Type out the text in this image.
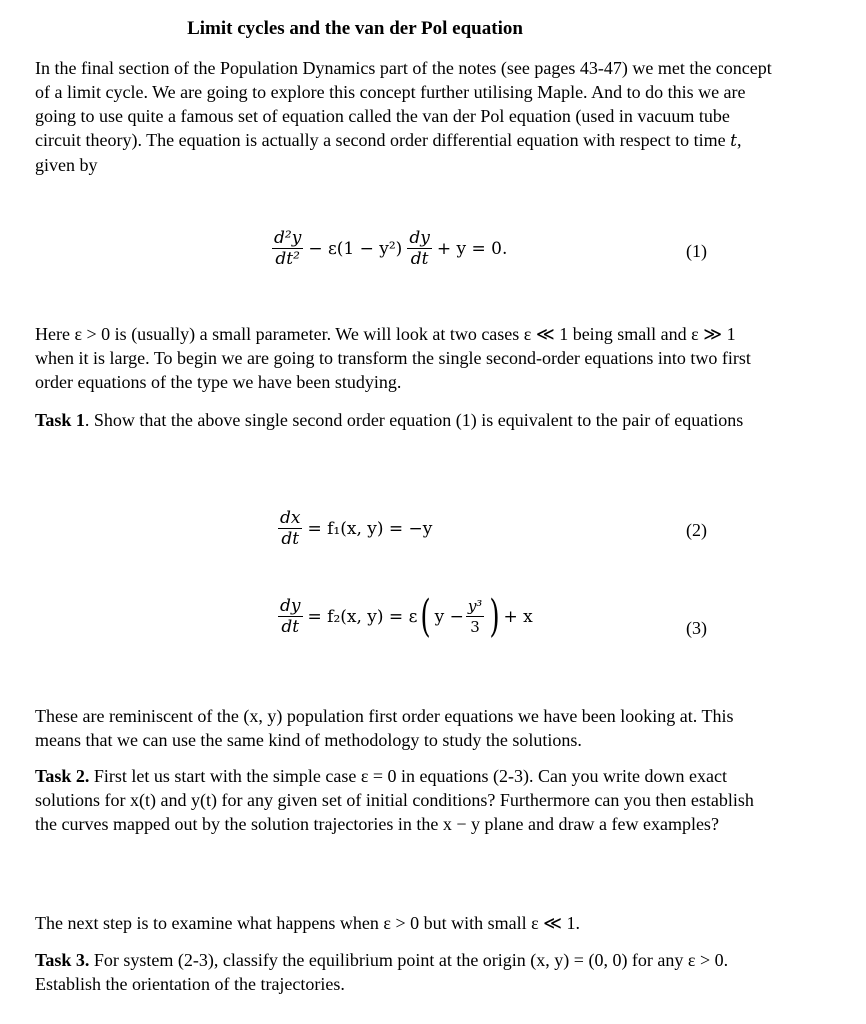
Limit cycles and the van der Pol equation

In the final section of the Population Dynamics part of the notes (see pages 43-47) we met the concept of a limit cycle. We are going to explore this concept further utilising Maple. And to do this we are going to use quite a famous set of equation called the van der Pol equation (used in vacuum tube circuit theory). The equation is actually a second order differential equation with respect to time t, given by

$\frac{\text{d²y}}{\text{dt²}} - \varepsilon(1 - y^2) \frac{dy}{dt} + y = 0$.	(1)

Here ε > 0 is (usually) a small parameter. We will look at two cases ε ≪ 1 being small and ε ≫ 1 when it is large. To begin we are going to transform the single second-order equations into two first order equations of the type we have been studying.

Task 1. Show that the above single second order equation (1) is equivalent to the pair of equations

$\frac{dx}{dt} = f_1(x$, y) = −y	(2)
$\frac{dy}{dt} = f_2(x$, y) = ε ( $y - \frac{\text{y³}}{3}$ ) + x
(3)

These are reminiscent of the (x, y) population first order equations we have been looking at. This means that we can use the same kind of methodology to study the solutions.

Task 2. First let us start with the simple case ε = 0 in equations (2-3). Can you write down exact solutions for x(t) and y(t) for any given set of initial conditions? Furthermore can you then establish the curves mapped out by the solution trajectories in the x − y plane and draw a few examples?

The next step is to examine what happens when ε > 0 but with small ε ≪ 1.

Task 3. For system (2-3), classify the equilibrium point at the origin (x, y) = (0, 0) for any ε > 0. Establish the orientation of the trajectories.
